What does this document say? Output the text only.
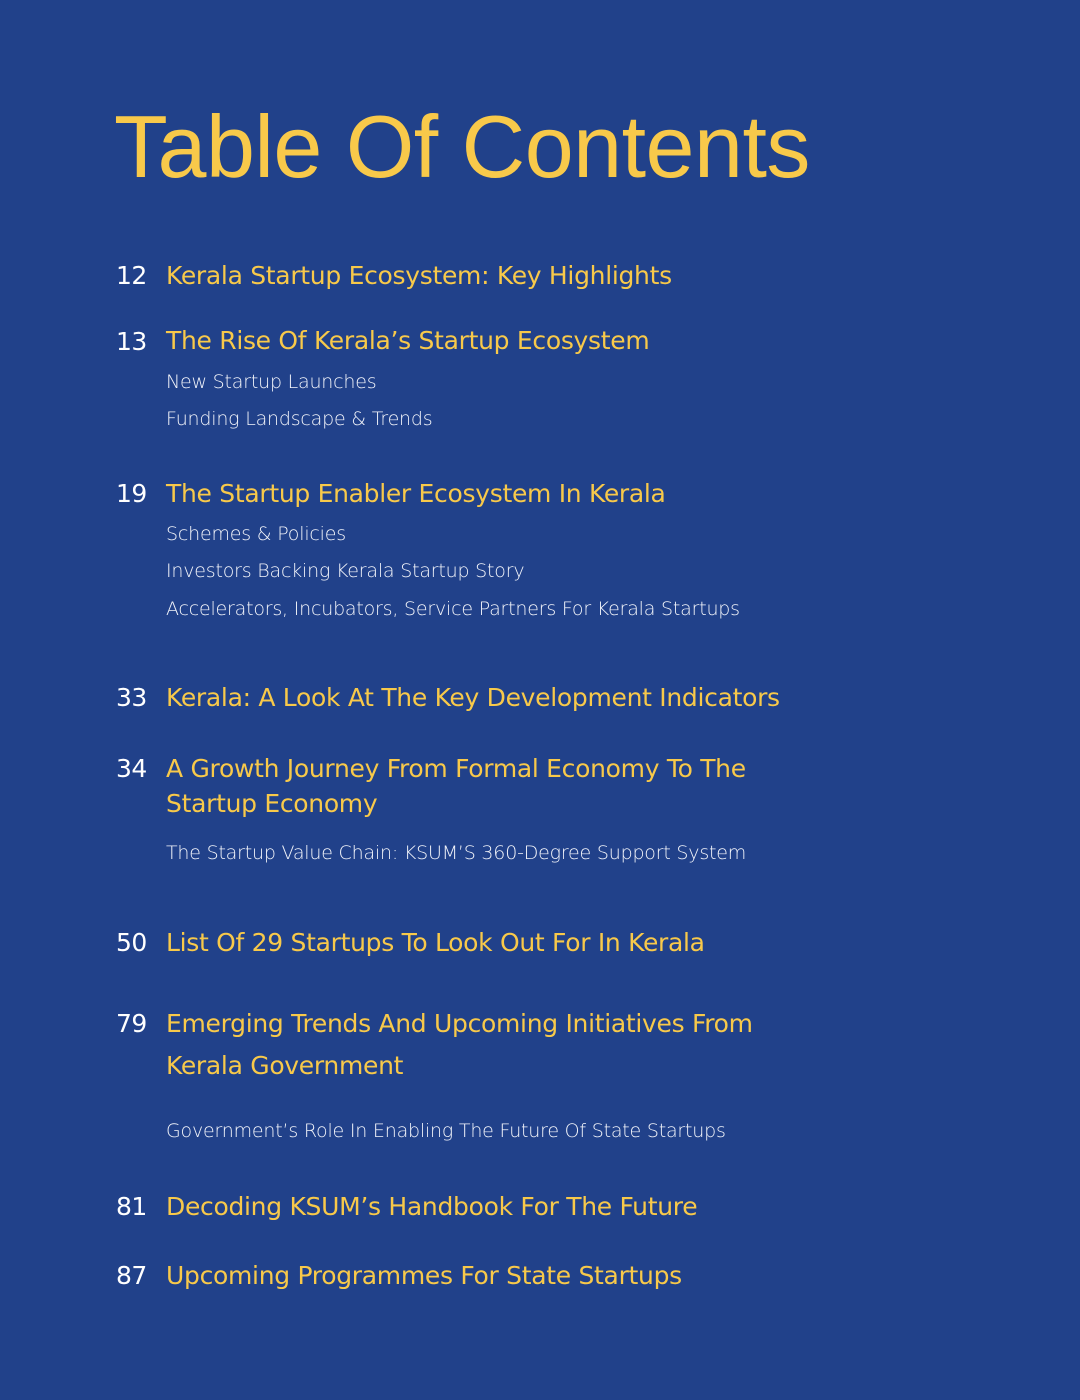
Table Of Contents
12 Kerala Startup Ecosystem: Key Highlights
13 The Rise Of Kerala’s Startup Ecosystem
New Startup Launches
Funding Landscape & Trends
19 The Startup Enabler Ecosystem In Kerala
Schemes & Policies
Investors Backing Kerala Startup Story
Accelerators, Incubators, Service Partners For Kerala Startups
33 Kerala: A Look At The Key Development Indicators
34 A Growth Journey From Formal Economy To The
Startup Economy
The Startup Value Chain: KSUM’S 360-Degree Support System
50 List Of 29 Startups To Look Out For In Kerala
79 Emerging Trends And Upcoming Initiatives From
Kerala Government
Government’s Role In Enabling The Future Of State Startups
81 Decoding KSUM’s Handbook For The Future
87 Upcoming Programmes For State Startups
